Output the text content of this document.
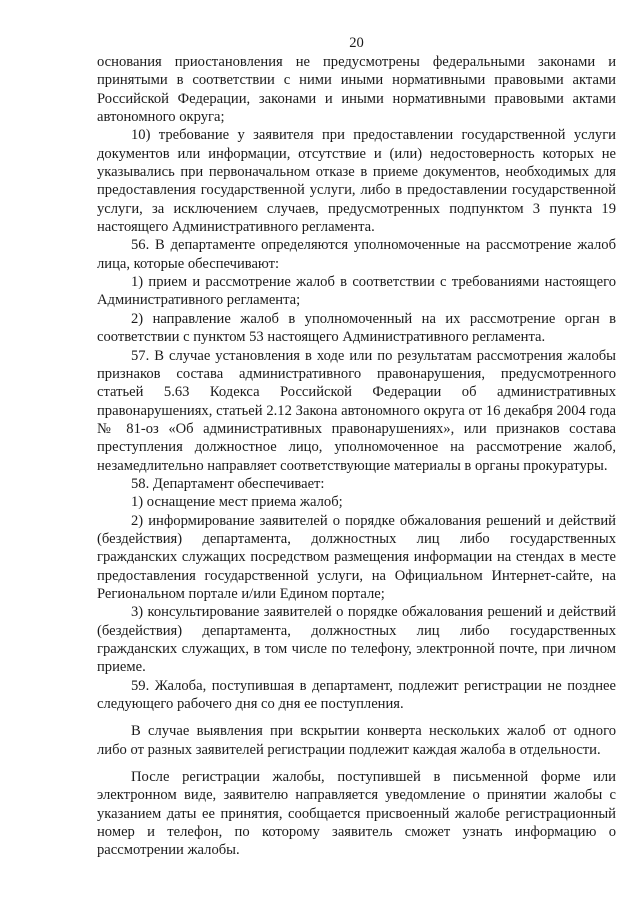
20

основания приостановления не предусмотрены федеральными законами и принятыми в соответствии с ними иными нормативными правовыми актами Российской Федерации, законами и иными нормативными правовыми актами автономного округа;

10) требование у заявителя при предоставлении государственной услуги документов или информации, отсутствие и (или) недостоверность которых не указывались при первоначальном отказе в приеме документов, необходимых для предоставления государственной услуги, либо в предоставлении государственной услуги, за исключением случаев, предусмотренных подпунктом 3 пункта 19 настоящего Административного регламента.

56. В департаменте определяются уполномоченные на рассмотрение жалоб лица, которые обеспечивают:

1) прием и рассмотрение жалоб в соответствии с требованиями настоящего Административного регламента;

2) направление жалоб в уполномоченный на их рассмотрение орган в соответствии с пунктом 53 настоящего Административного регламента.

57. В случае установления в ходе или по результатам рассмотрения жалобы признаков состава административного правонарушения, предусмотренного статьей 5.63 Кодекса Российской Федерации об административных правонарушениях, статьей 2.12 Закона автономного округа от 16 декабря 2004 года № 81-оз «Об административных правонарушениях», или признаков состава преступления должностное лицо, уполномоченное на рассмотрение жалоб, незамедлительно направляет соответствующие материалы в органы прокуратуры.

58. Департамент обеспечивает:

1) оснащение мест приема жалоб;

2) информирование заявителей о порядке обжалования решений и действий (бездействия) департамента, должностных лиц либо государственных гражданских служащих посредством размещения информации на стендах в месте предоставления государственной услуги, на Официальном Интернет-сайте, на Региональном портале и/или Едином портале;

3) консультирование заявителей о порядке обжалования решений и действий (бездействия) департамента, должностных лиц либо государственных гражданских служащих, в том числе по телефону, электронной почте, при личном приеме.

59. Жалоба, поступившая в департамент, подлежит регистрации не позднее следующего рабочего дня со дня ее поступления.

В случае выявления при вскрытии конверта нескольких жалоб от одного либо от разных заявителей регистрации подлежит каждая жалоба в отдельности.

После регистрации жалобы, поступившей в письменной форме или электронном виде, заявителю направляется уведомление о принятии жалобы с указанием даты ее принятия, сообщается присвоенный жалобе регистрационный номер и телефон, по которому заявитель сможет узнать информацию о рассмотрении жалобы.
